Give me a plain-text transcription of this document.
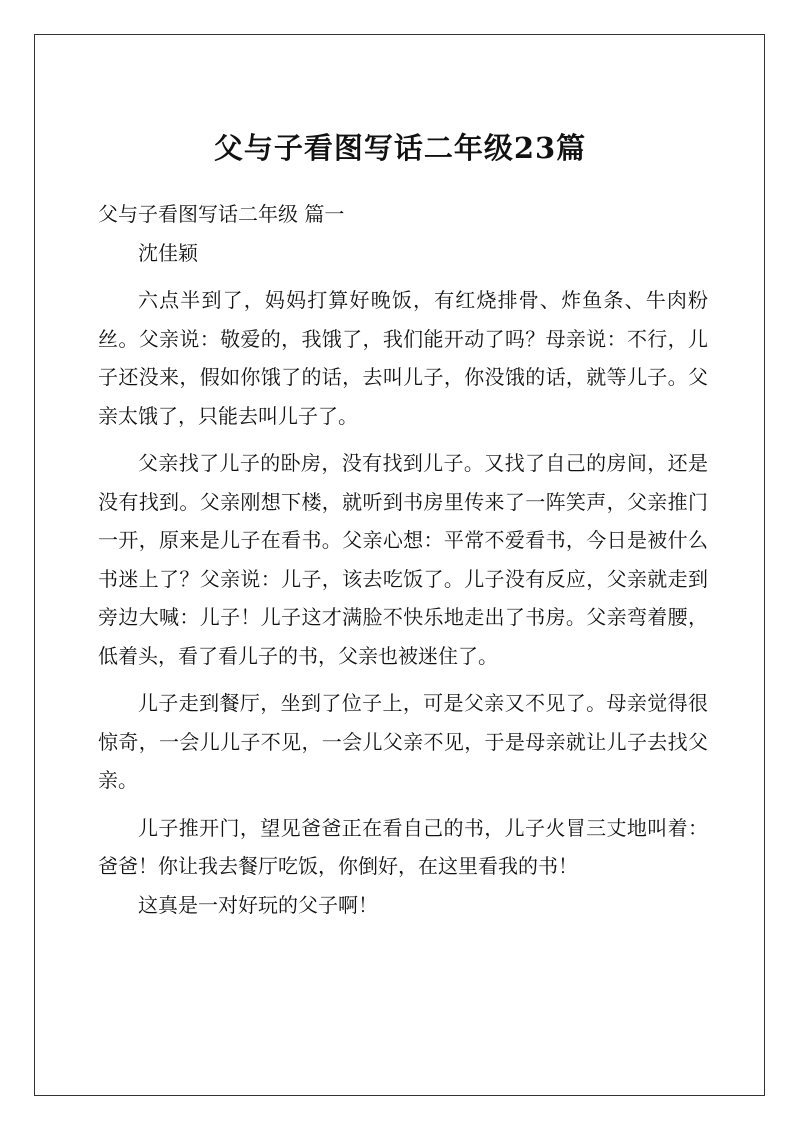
父与子看图写话二年级23篇

父与子看图写话二年级 篇一

沈佳颖

六点半到了，妈妈打算好晚饭，有红烧排骨、炸鱼条、牛肉粉丝。父亲说：敬爱的，我饿了，我们能开动了吗？母亲说：不行，儿子还没来，假如你饿了的话，去叫儿子，你没饿的话，就等儿子。父亲太饿了，只能去叫儿子了。

父亲找了儿子的卧房，没有找到儿子。又找了自己的房间，还是没有找到。父亲刚想下楼，就听到书房里传来了一阵笑声，父亲推门一开，原来是儿子在看书。父亲心想：平常不爱看书，今日是被什么书迷上了？父亲说：儿子，该去吃饭了。儿子没有反应，父亲就走到旁边大喊：儿子！儿子这才满脸不快乐地走出了书房。父亲弯着腰，低着头，看了看儿子的书，父亲也被迷住了。

儿子走到餐厅，坐到了位子上，可是父亲又不见了。母亲觉得很惊奇，一会儿儿子不见，一会儿父亲不见，于是母亲就让儿子去找父亲。

儿子推开门，望见爸爸正在看自己的书，儿子火冒三丈地叫着：爸爸！你让我去餐厅吃饭，你倒好，在这里看我的书！

这真是一对好玩的父子啊！
